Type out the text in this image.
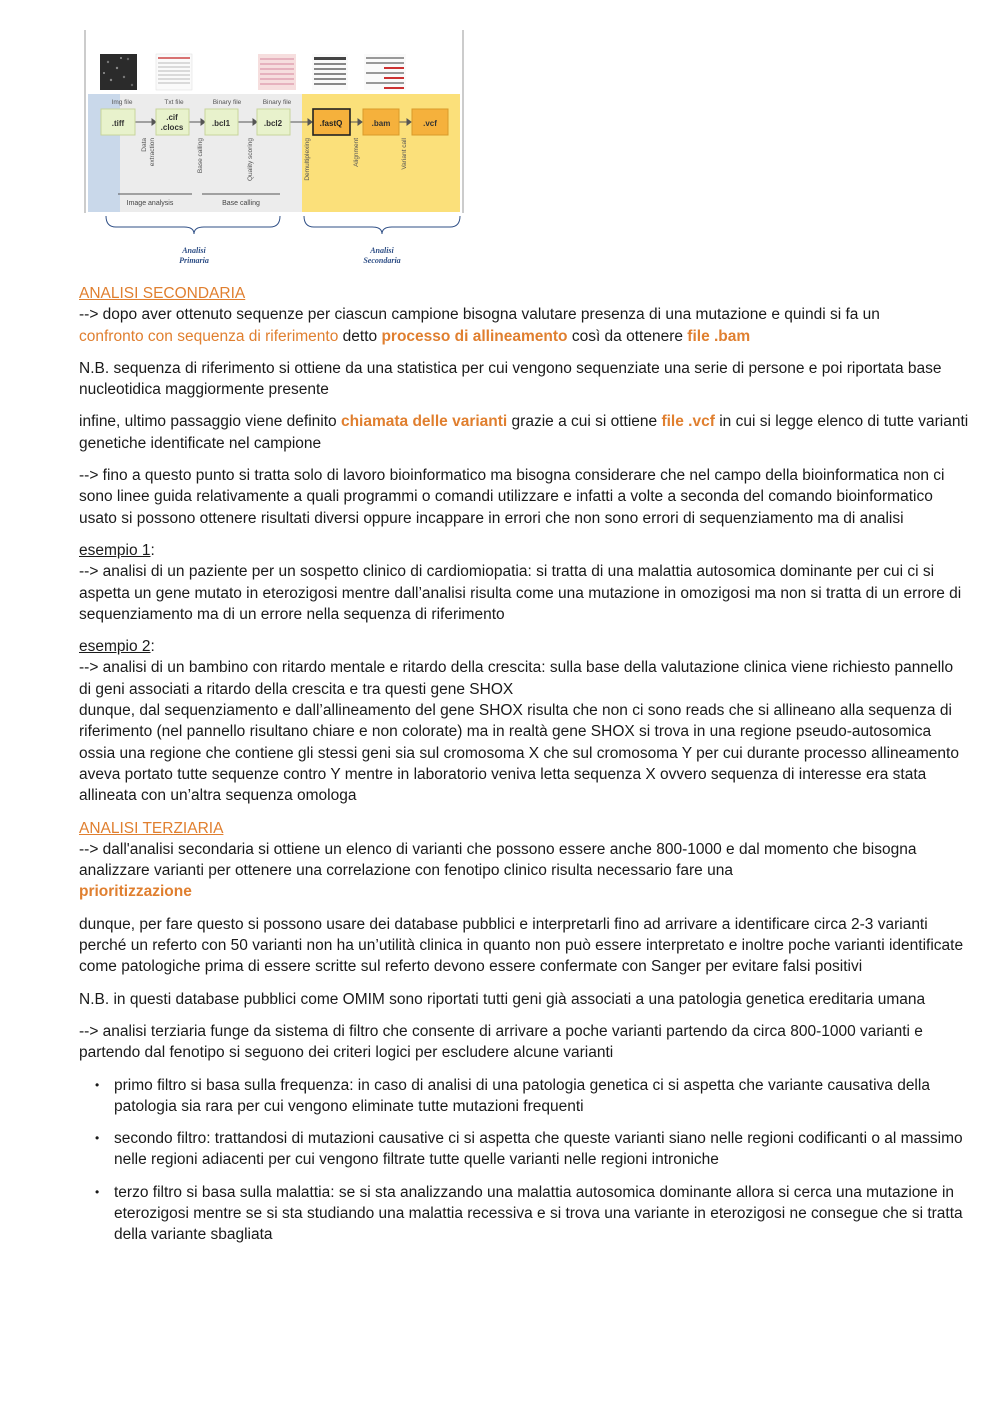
Img file	Txt file	Binary file	Binary file
.tiff
.cif
.clocs	.bcl1	.bcl2	.fastQ	.bam	.vcf
Data extraction	Base calling	Quality scoring	Demultiplexing	Alignment	Variant call
Image analysis	Base calling
Analisi
Primaria
Analisi
Secondaria

ANALISI SECONDARIA

--> dopo aver ottenuto sequenze per ciascun campione bisogna valutare presenza di una mutazione e quindi si fa un
confronto con sequenza di riferimento detto processo di allineamento così da ottenere file .bam

N.B. sequenza di riferimento si ottiene da una statistica per cui vengono sequenziate una serie di persone e poi riportata base nucleotidica maggiormente presente

infine, ultimo passaggio viene definito chiamata delle varianti grazie a cui si ottiene file .vcf in cui si legge elenco di tutte varianti genetiche identificate nel campione

--> fino a questo punto si tratta solo di lavoro bioinformatico ma bisogna considerare che nel campo della bioinformatica non ci sono linee guida relativamente a quali programmi o comandi utilizzare e infatti a volte a seconda del comando bioinformatico usato si possono ottenere risultati diversi oppure incappare in errori che non sono errori di sequenziamento ma di analisi

esempio 1:
--> analisi di un paziente per un sospetto clinico di cardiomiopatia: si tratta di una malattia autosomica dominante per cui ci si aspetta un gene mutato in eterozigosi mentre dall’analisi risulta come una mutazione in omozigosi ma non si tratta di un errore di sequenziamento ma di un errore nella sequenza di riferimento

esempio 2:
--> analisi di un bambino con ritardo mentale e ritardo della crescita: sulla base della valutazione clinica viene richiesto pannello di geni associati a ritardo della crescita e tra questi gene SHOX
dunque, dal sequenziamento e dall’allineamento del gene SHOX risulta che non ci sono reads che si allineano alla sequenza di riferimento (nel pannello risultano chiare e non colorate) ma in realtà gene SHOX si trova in una regione pseudo-autosomica ossia una regione che contiene gli stessi geni sia sul cromosoma X che sul cromosoma Y per cui durante processo allineamento aveva portato tutte sequenze contro Y mentre in laboratorio veniva letta sequenza X ovvero sequenza di interesse era stata allineata con un’altra sequenza omologa

ANALISI TERZIARIA

--> dall'analisi secondaria si ottiene un elenco di varianti che possono essere anche 800-1000 e dal momento che bisogna analizzare varianti per ottenere una correlazione con fenotipo clinico risulta necessario fare una
prioritizzazione

dunque, per fare questo si possono usare dei database pubblici e interpretarli fino ad arrivare a identificare circa 2-3 varianti perché un referto con 50 varianti non ha un’utilità clinica in quanto non può essere interpretato e inoltre poche varianti identificate come patologiche prima di essere scritte sul referto devono essere confermate con Sanger per evitare falsi positivi

N.B. in questi database pubblici come OMIM sono riportati tutti geni già associati a una patologia genetica ereditaria umana

--> analisi terziaria funge da sistema di filtro che consente di arrivare a poche varianti partendo da circa 800-1000 varianti e partendo dal fenotipo si seguono dei criteri logici per escludere alcune varianti

• primo filtro si basa sulla frequenza: in caso di analisi di una patologia genetica ci si aspetta che variante causativa della patologia sia rara per cui vengono eliminate tutte mutazioni frequenti
• secondo filtro: trattandosi di mutazioni causative ci si aspetta che queste varianti siano nelle regioni codificanti o al massimo nelle regioni adiacenti per cui vengono filtrate tutte quelle varianti nelle regioni introniche
• terzo filtro si basa sulla malattia: se si sta analizzando una malattia autosomica dominante allora si cerca una mutazione in eterozigosi mentre se si sta studiando una malattia recessiva e si trova una variante in eterozigosi ne consegue che si tratta della variante sbagliata
